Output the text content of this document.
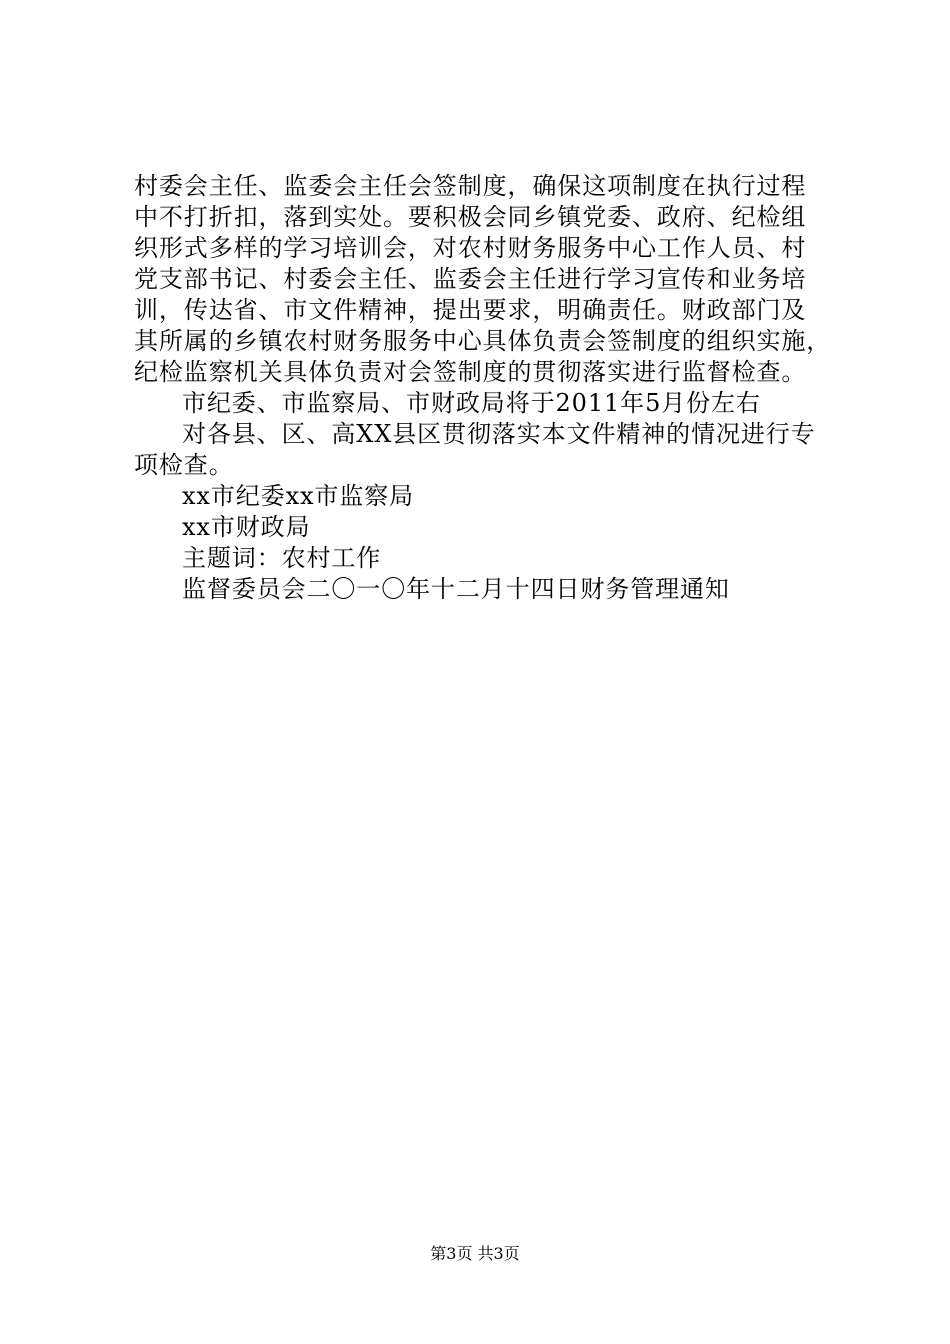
村委会主任、监委会主任会签制度，确保这项制度在执行过程
中不打折扣，落到实处。要积极会同乡镇党委、政府、纪检组
织形式多样的学习培训会，对农村财务服务中心工作人员、村
党支部书记、村委会主任、监委会主任进行学习宣传和业务培
训，传达省、市文件精神，提出要求，明确责任。财政部门及
其所属的乡镇农村财务服务中心具体负责会签制度的组织实施，
纪检监察机关具体负责对会签制度的贯彻落实进行监督检查。
市纪委、市监察局、市财政局将于2011年5月份左右
对各县、区、高XX县区贯彻落实本文件精神的情况进行专
项检查。
xx市纪委xx市监察局
xx市财政局
主题词：农村工作
监督委员会二〇一〇年十二月十四日财务管理通知
第3页 共3页
